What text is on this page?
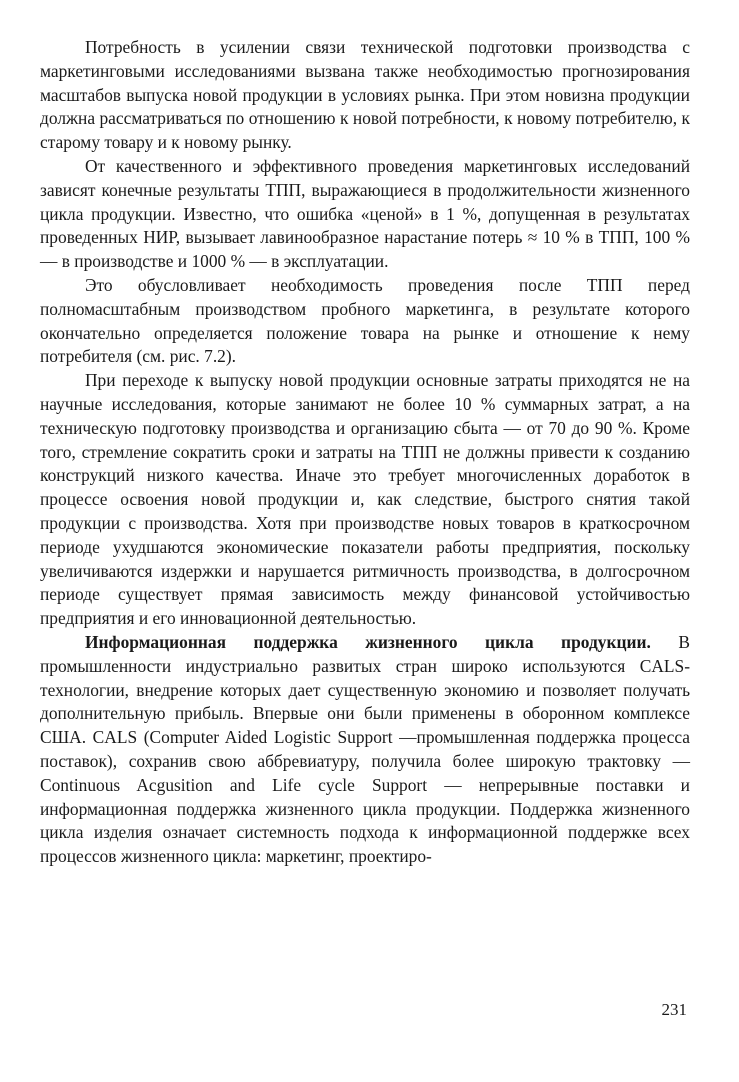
Потребность в усилении связи технической подготовки производства с маркетинговыми исследованиями вызвана также необходимостью прогнозирования масштабов выпуска новой продукции в условиях рынка. При этом новизна продукции должна рассматриваться по отношению к новой потребности, к новому потребителю, к старому товару и к новому рынку.

От качественного и эффективного проведения маркетинговых исследований зависят конечные результаты ТПП, выражающиеся в продолжительности жизненного цикла продукции. Известно, что ошибка «ценой» в 1 %, допущенная в результатах проведенных НИР, вызывает лавинообразное нарастание потерь ≈ 10 % в ТПП, 100 % — в производстве и 1000 % — в эксплуатации.

Это обусловливает необходимость проведения после ТПП перед полномасштабным производством пробного маркетинга, в результате которого окончательно определяется положение товара на рынке и отношение к нему потребителя (см. рис. 7.2).

При переходе к выпуску новой продукции основные затраты приходятся не на научные исследования, которые занимают не более 10 % суммарных затрат, а на техническую подготовку производства и организацию сбыта — от 70 до 90 %. Кроме того, стремление сократить сроки и затраты на ТПП не должны привести к созданию конструкций низкого качества. Иначе это требует многочисленных доработок в процессе освоения новой продукции и, как следствие, быстрого снятия такой продукции с производства. Хотя при производстве новых товаров в краткосрочном периоде ухудшаются экономические показатели работы предприятия, поскольку увеличиваются издержки и нарушается ритмичность производства, в долгосрочном периоде существует прямая зависимость между финансовой устойчивостью предприятия и его инновационной деятельностью.

Информационная поддержка жизненного цикла продукции. В промышленности индустриально развитых стран широко используются CALS-технологии, внедрение которых дает существенную экономию и позволяет получать дополнительную прибыль. Впервые они были применены в оборонном комплексе США. CALS (Computer Aided Logistic Support —промышленная поддержка процесса поставок), сохранив свою аббревиатуру, получила более широкую трактовку — Continuous Acgusition and Life cycle Support — непрерывные поставки и информационная поддержка жизненного цикла продукции. Поддержка жизненного цикла изделия означает системность подхода к информационной поддержке всех процессов жизненного цикла: маркетинг, проектиро-

231
